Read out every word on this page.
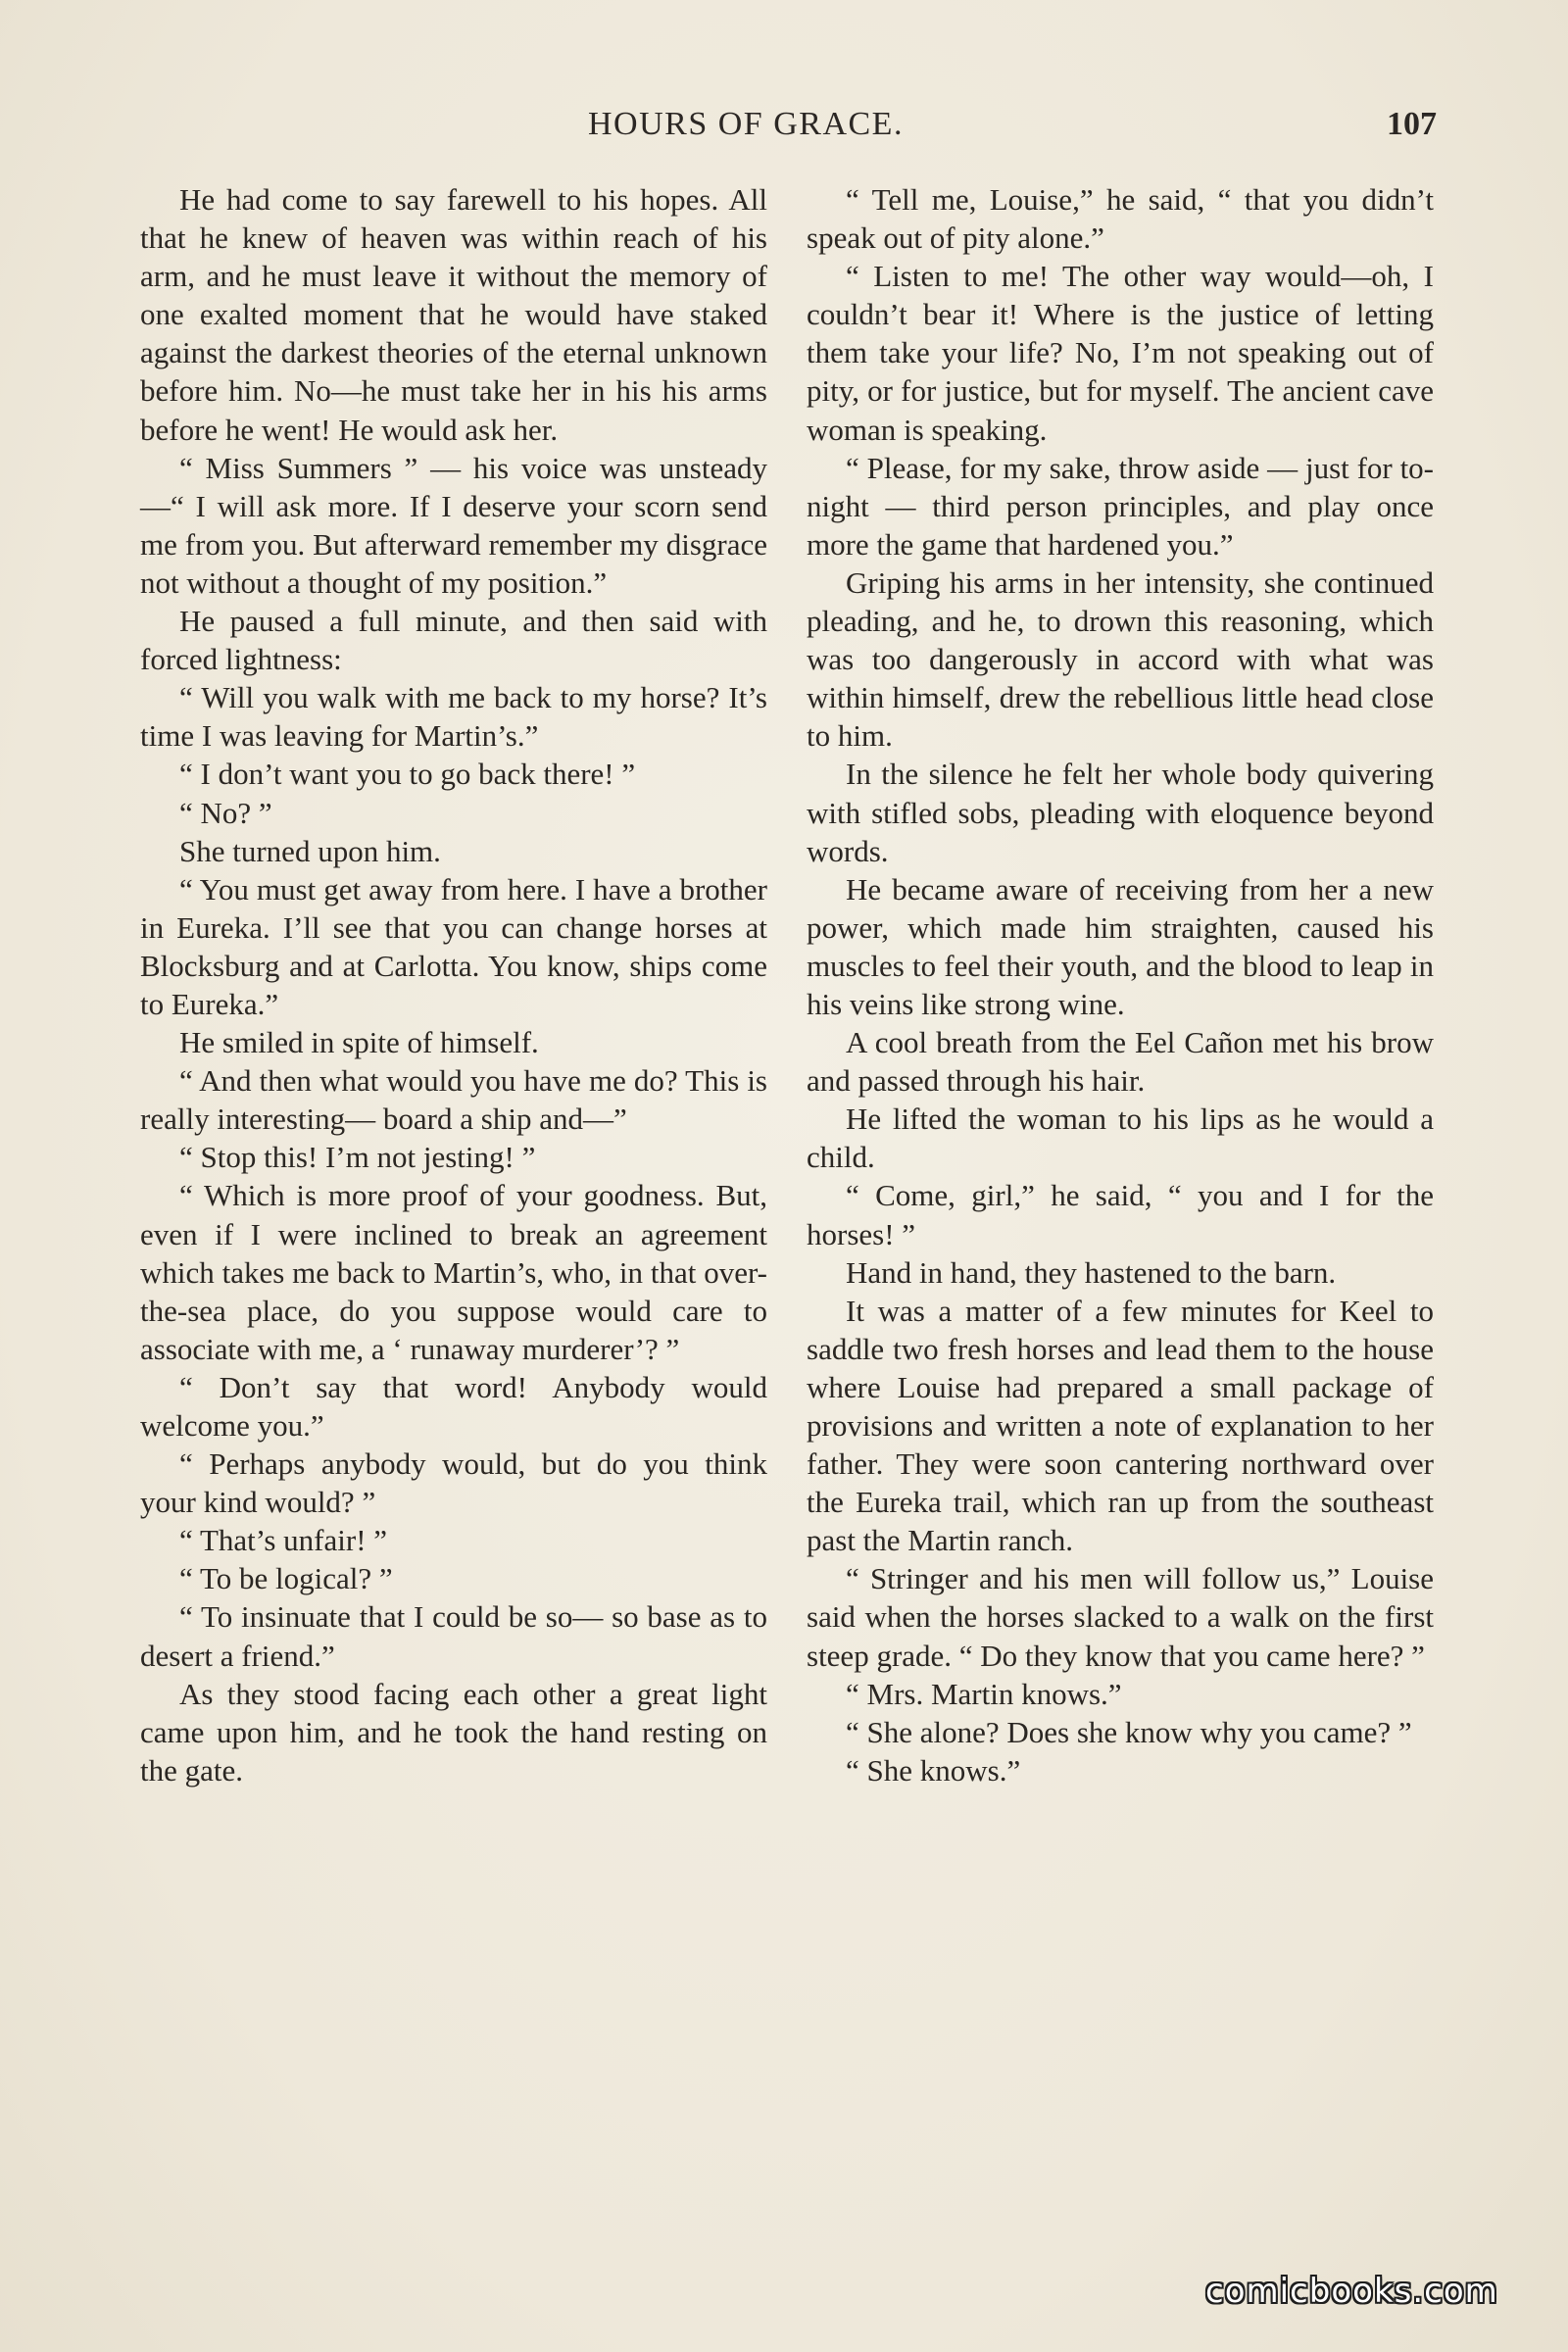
HOURS OF GRACE.	107

He had come to say farewell to his hopes. All that he knew of heaven was within reach of his arm, and he must leave it without the memory of one exalted moment that he would have staked against the darkest theories of the eternal unknown before him. No—he must take her in his his arms before he went! He would ask her.

“ Miss Summers ” — his voice was unsteady—“ I will ask more. If I deserve your scorn send me from you. But afterward remember my disgrace not without a thought of my position.”

He paused a full minute, and then said with forced lightness:

“ Will you walk with me back to my horse? It’s time I was leaving for Martin’s.”

“ I don’t want you to go back there! ”

“ No? ”

She turned upon him.

“ You must get away from here. I have a brother in Eureka. I’ll see that you can change horses at Blocksburg and at Carlotta. You know, ships come to Eureka.”

He smiled in spite of himself.

“ And then what would you have me do? This is really interesting— board a ship and—”

“ Stop this! I’m not jesting! ”

“ Which is more proof of your goodness. But, even if I were inclined to break an agreement which takes me back to Martin’s, who, in that over-the-sea place, do you suppose would care to associate with me, a ‘ runaway murderer’? ”

“ Don’t say that word! Anybody would welcome you.”

“ Perhaps anybody would, but do you think your kind would? ”

“ That’s unfair! ”

“ To be logical? ”

“ To insinuate that I could be so— so base as to desert a friend.”

As they stood facing each other a great light came upon him, and he took the hand resting on the gate.

“ Tell me, Louise,” he said, “ that you didn’t speak out of pity alone.”

“ Listen to me! The other way would—oh, I couldn’t bear it! Where is the justice of letting them take your life? No, I’m not speaking out of pity, or for justice, but for myself. The ancient cave woman is speaking.

“ Please, for my sake, throw aside — just for to-night — third person principles, and play once more the game that hardened you.”

Griping his arms in her intensity, she continued pleading, and he, to drown this reasoning, which was too dangerously in accord with what was within himself, drew the rebellious little head close to him.

In the silence he felt her whole body quivering with stifled sobs, pleading with eloquence beyond words.

He became aware of receiving from her a new power, which made him straighten, caused his muscles to feel their youth, and the blood to leap in his veins like strong wine.

A cool breath from the Eel Cañon met his brow and passed through his hair.

He lifted the woman to his lips as he would a child.

“ Come, girl,” he said, “ you and I for the horses! ”

Hand in hand, they hastened to the barn.

It was a matter of a few minutes for Keel to saddle two fresh horses and lead them to the house where Louise had prepared a small package of provisions and written a note of explanation to her father. They were soon cantering northward over the Eureka trail, which ran up from the southeast past the Martin ranch.

“ Stringer and his men will follow us,” Louise said when the horses slacked to a walk on the first steep grade. “ Do they know that you came here? ”

“ Mrs. Martin knows.”

“ She alone? Does she know why you came? ”

“ She knows.”

comicbooks.com
